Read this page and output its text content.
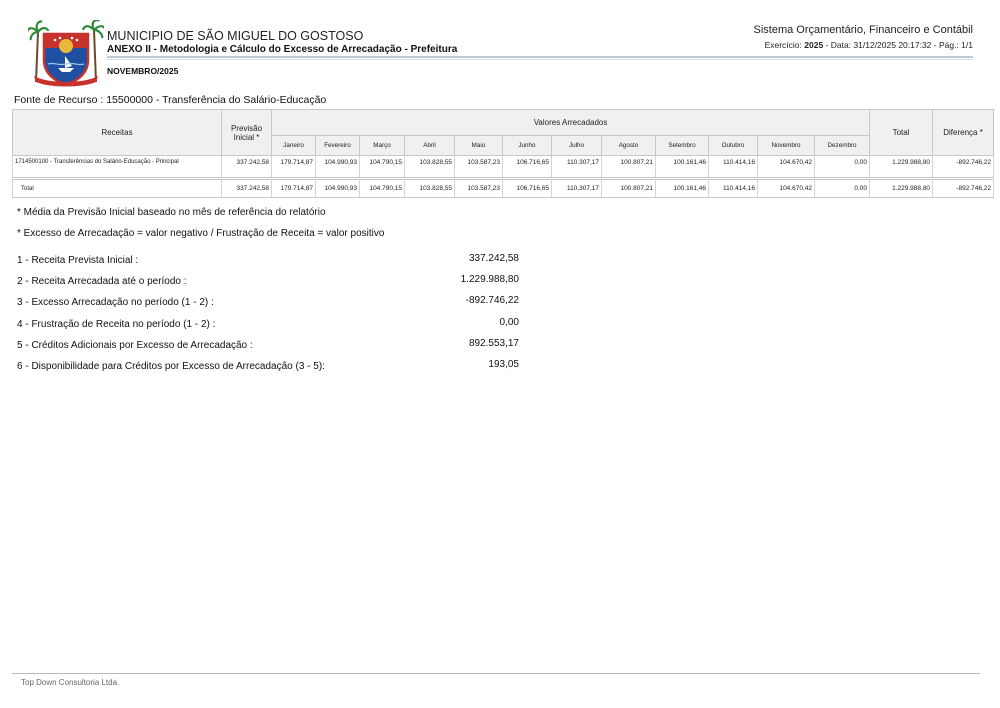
MUNICIPIO DE SÃO MIGUEL DO GOSTOSO
ANEXO II - Metodologia e Cálculo do Excesso de Arrecadação - Prefeitura
NOVEMBRO/2025
Sistema Orçamentário, Financeiro e Contábil
Exercício: 2025 - Data: 31/12/2025 20:17:32 - Pág.: 1/1
Fonte de Recurso : 15500000 - Transferência do Salário-Educação
Receitas	Previsão Inicial *	Valores Arrecadados												Total	Diferença *
		Janeiro	Fevereiro	Março	Abril	Maio	Junho	Julho	Agosto	Setembro	Outubro	Novembro	Dezembro		
1714500100 - Transferências do Salário-Educação - Principal	337.242,58	179.714,87	104.990,93	104.790,15	103.828,55	103.587,23	106.716,65	110.307,17	100.807,21	100.161,46	110.414,16	104.670,42	0,00	1.229.988,80	-892.746,22

Total	337.242,58	179.714,87	104.990,93	104.790,15	103.828,55	103.587,23	106.716,65	110.307,17	100.807,21	100.161,46	110.414,16	104.670,42	0,00	1.229.988,80	-892.746,22
* Média da Previsão Inicial baseado no mês de referência do relatório
* Excesso de Arrecadação = valor negativo / Frustração de Receita = valor positivo
1 - Receita Prevista Inicial :	337.242,58
2 - Receita Arrecadada até o período :	1.229.988,80
3 - Excesso Arrecadação no período (1 - 2) :	-892.746,22
4 - Frustração de Receita no período (1 - 2) :	0,00
5 - Créditos Adicionais por Excesso de Arrecadação :	892.553,17
6 - Disponibilidade para Créditos por Excesso de Arrecadação (3 - 5):	193,05
Top Down Consultoria Ltda.
